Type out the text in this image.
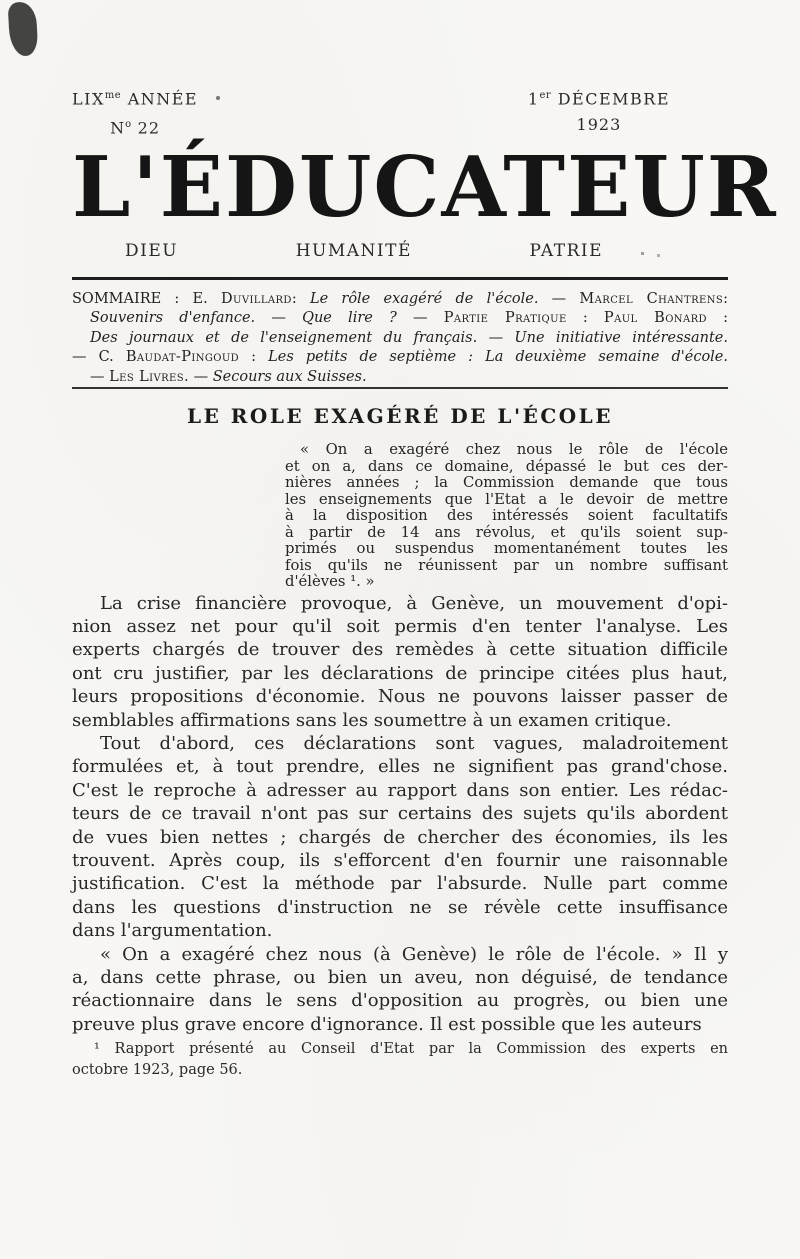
$LIX^{me}$ ANNÉE
$N^o$ 22
1er DÉCEMBRE
1923
L'ÉDUCATEUR
DIEU	HUMANITÉ	PATRIE
SOMMAIRE : E. Duvillard: Le rôle exagéré de l'école. — Marcel Chantrens:
Souvenirs d'enfance. — Que lire ? — Partie Pratique : Paul Bonard :
Des journaux et de l'enseignement du français. — Une initiative intéressante.
— C. Baudat-Pingoud : Les petits de septième : La deuxième semaine d'école.
— Les Livres. — Secours aux Suisses.
LE ROLE EXAGÉRÉ DE L'ÉCOLE
« On a exagéré chez nous le rôle de l'école
et on a, dans ce domaine, dépassé le but ces der-
nières années ; la Commission demande que tous
les enseignements que l'Etat a le devoir de mettre
à la disposition des intéressés soient facultatifs
à partir de 14 ans révolus, et qu'ils soient sup-
primés ou suspendus momentanément toutes les
fois qu'ils ne réunissent par un nombre suffisant
d'élèves ¹. »
La crise financière provoque, à Genève, un mouvement d'opi-
nion assez net pour qu'il soit permis d'en tenter l'analyse. Les
experts chargés de trouver des remèdes à cette situation difficile
ont cru justifier, par les déclarations de principe citées plus haut,
leurs propositions d'économie. Nous ne pouvons laisser passer de
semblables affirmations sans les soumettre à un examen critique.
Tout d'abord, ces déclarations sont vagues, maladroitement
formulées et, à tout prendre, elles ne signifient pas grand'chose.
C'est le reproche à adresser au rapport dans son entier. Les rédac-
teurs de ce travail n'ont pas sur certains des sujets qu'ils abordent
de vues bien nettes ; chargés de chercher des économies, ils les
trouvent. Après coup, ils s'efforcent d'en fournir une raisonnable
justification. C'est la méthode par l'absurde. Nulle part comme
dans les questions d'instruction ne se révèle cette insuffisance
dans l'argumentation.
« On a exagéré chez nous (à Genève) le rôle de l'école. » Il y
a, dans cette phrase, ou bien un aveu, non déguisé, de tendance
réactionnaire dans le sens d'opposition au progrès, ou bien une
preuve plus grave encore d'ignorance. Il est possible que les auteurs
¹ Rapport présenté au Conseil d'Etat par la Commission des experts en
octobre 1923, page 56.
